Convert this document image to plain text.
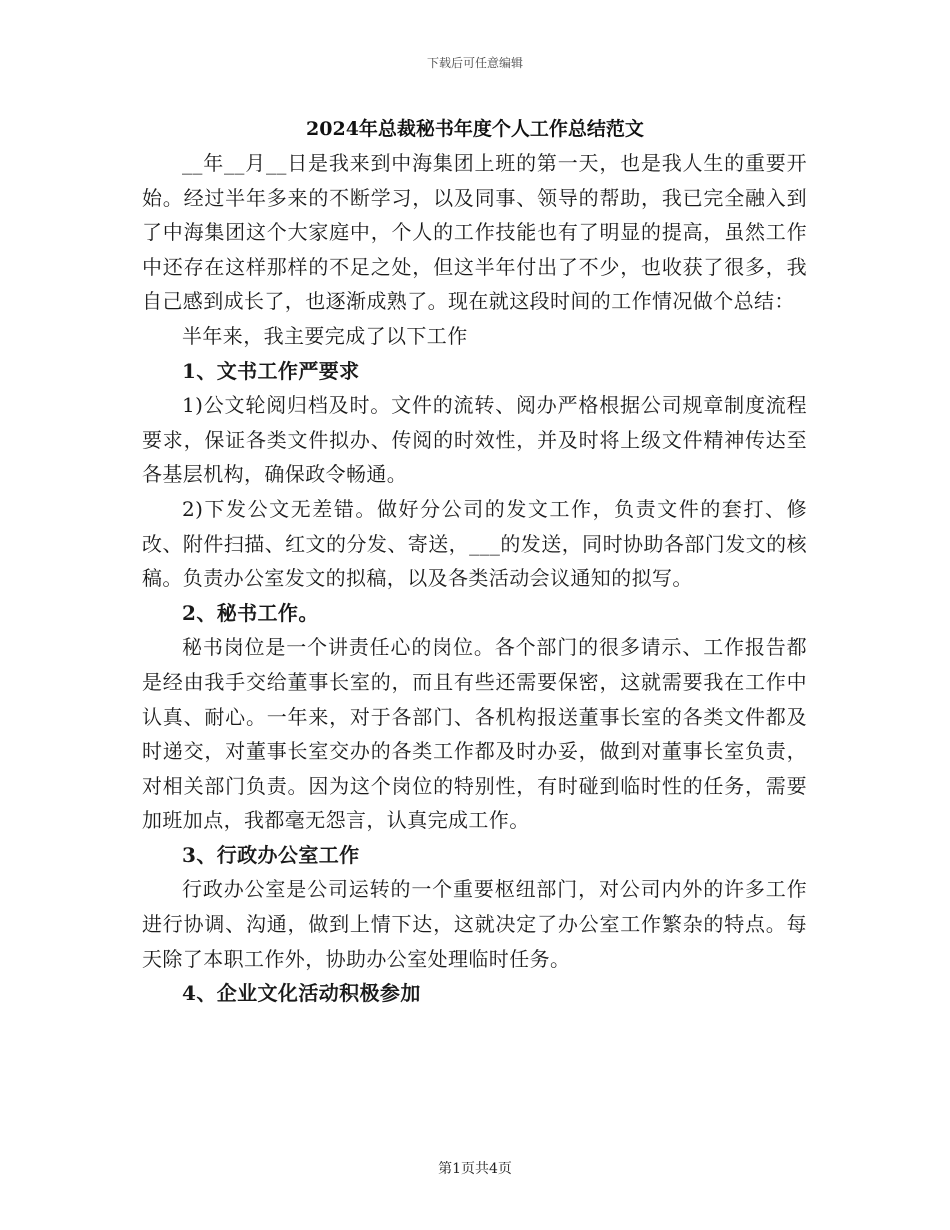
下载后可任意编辑
2024年总裁秘书年度个人工作总结范文

__年__月__日是我来到中海集团上班的第一天，也是我人生的重要开始。经过半年多来的不断学习，以及同事、领导的帮助，我已完全融入到了中海集团这个大家庭中，个人的工作技能也有了明显的提高，虽然工作中还存在这样那样的不足之处，但这半年付出了不少，也收获了很多，我自己感到成长了，也逐渐成熟了。现在就这段时间的工作情况做个总结：

半年来，我主要完成了以下工作

1、文书工作严要求

1)公文轮阅归档及时。文件的流转、阅办严格根据公司规章制度流程要求，保证各类文件拟办、传阅的时效性，并及时将上级文件精神传达至各基层机构，确保政令畅通。

2)下发公文无差错。做好分公司的发文工作，负责文件的套打、修改、附件扫描、红文的分发、寄送，___的发送，同时协助各部门发文的核稿。负责办公室发文的拟稿，以及各类活动会议通知的拟写。

2、秘书工作。

秘书岗位是一个讲责任心的岗位。各个部门的很多请示、工作报告都是经由我手交给董事长室的，而且有些还需要保密，这就需要我在工作中认真、耐心。一年来，对于各部门、各机构报送董事长室的各类文件都及时递交，对董事长室交办的各类工作都及时办妥，做到对董事长室负责，对相关部门负责。因为这个岗位的特别性，有时碰到临时性的任务，需要加班加点，我都毫无怨言，认真完成工作。

3、行政办公室工作

行政办公室是公司运转的一个重要枢纽部门，对公司内外的许多工作进行协调、沟通，做到上情下达，这就决定了办公室工作繁杂的特点。每天除了本职工作外，协助办公室处理临时任务。

4、企业文化活动积极参加

第1页共4页
